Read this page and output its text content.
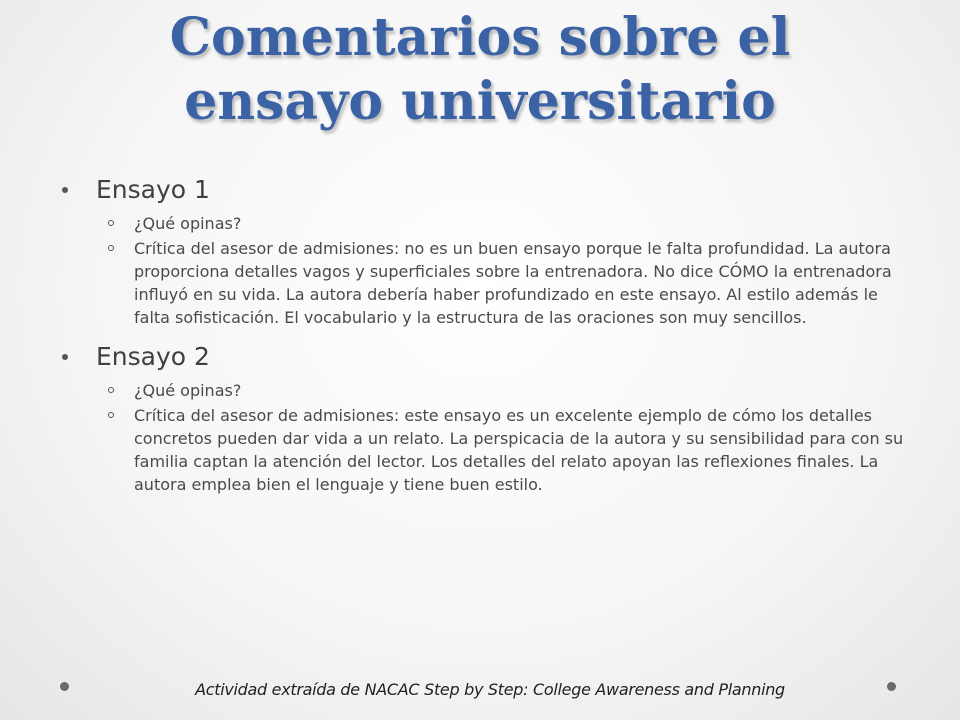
Comentarios sobre el
ensayo universitario
Ensayo 1
¿Qué opinas?
Crítica del asesor de admisiones: no es un buen ensayo porque le falta profundidad. La autora proporciona detalles vagos y superficiales sobre la entrenadora. No dice CÓMO la entrenadora influyó en su vida. La autora debería haber profundizado en este ensayo. Al estilo además le falta sofisticación. El vocabulario y la estructura de las oraciones son muy sencillos.
Ensayo 2
¿Qué opinas?
Crítica del asesor de admisiones: este ensayo es un excelente ejemplo de cómo los detalles concretos pueden dar vida a un relato. La perspicacia de la autora y su sensibilidad para con su familia captan la atención del lector. Los detalles del relato apoyan las reflexiones finales. La autora emplea bien el lenguaje y tiene buen estilo.
Actividad extraída de NACAC Step by Step: College Awareness and Planning
